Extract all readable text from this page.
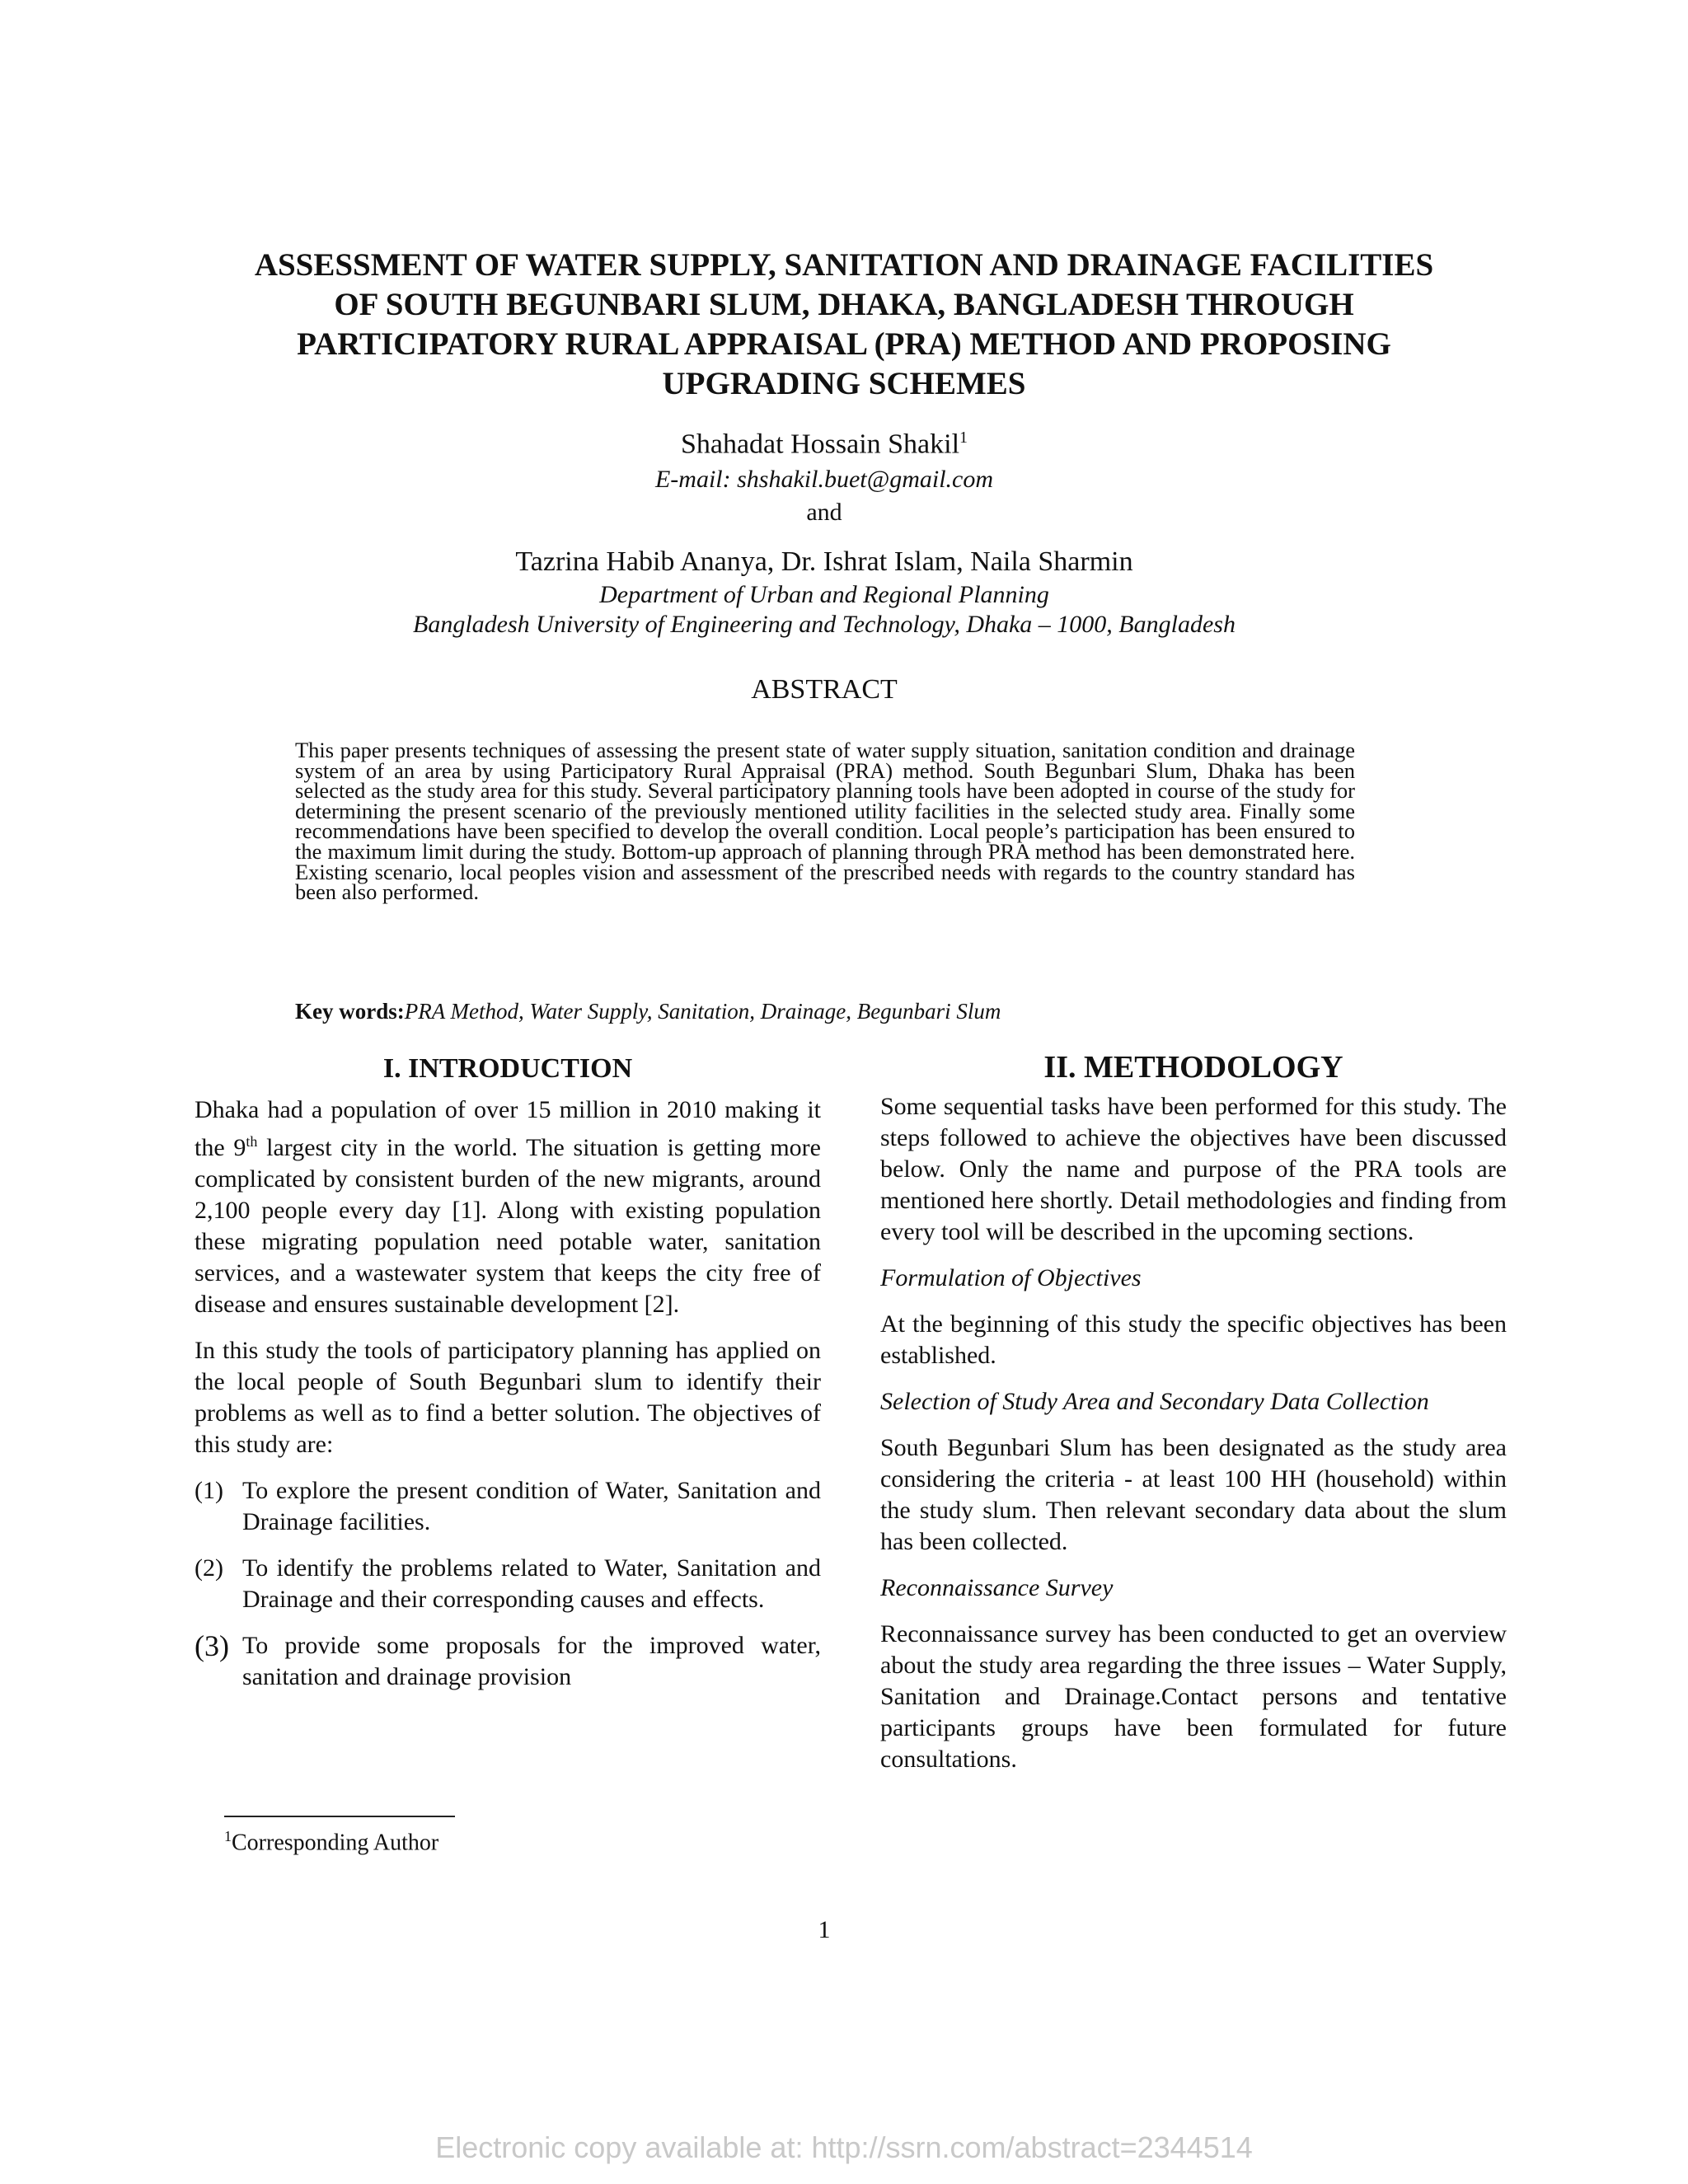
ASSESSMENT OF WATER SUPPLY, SANITATION AND DRAINAGE FACILITIES OF SOUTH BEGUNBARI SLUM, DHAKA, BANGLADESH THROUGH PARTICIPATORY RURAL APPRAISAL (PRA) METHOD AND PROPOSING UPGRADING SCHEMES
Shahadat Hossain Shakil$^1$
E-mail: shshakil.buet@gmail.com
and
Tazrina Habib Ananya, Dr. Ishrat Islam, Naila Sharmin
Department of Urban and Regional Planning
Bangladesh University of Engineering and Technology, Dhaka – 1000, Bangladesh
ABSTRACT
This paper presents techniques of assessing the present state of water supply situation, sanitation condition and drainage system of an area by using Participatory Rural Appraisal (PRA) method. South Begunbari Slum, Dhaka has been selected as the study area for this study. Several participatory planning tools have been adopted in course of the study for determining the present scenario of the previously mentioned utility facilities in the selected study area. Finally some recommendations have been specified to develop the overall condition. Local people’s participation has been ensured to the maximum limit during the study. Bottom-up approach of planning through PRA method has been demonstrated here. Existing scenario, local peoples vision and assessment of the prescribed needs with regards to the country standard has been also performed.
Key words:PRA Method, Water Supply, Sanitation, Drainage, Begunbari Slum
I. INTRODUCTION

Dhaka had a population of over 15 million in 2010 making it the 9th largest city in the world. The situation is getting more complicated by consistent burden of the new migrants, around 2,100 people every day [1]. Along with existing population these migrating population need potable water, sanitation services, and a wastewater system that keeps the city free of disease and ensures sustainable development [2].

In this study the tools of participatory planning has applied on the local people of South Begunbari slum to identify their problems as well as to find a better solution. The objectives of this study are:

(1) To explore the present condition of Water, Sanitation and Drainage facilities.
(2) To identify the problems related to Water, Sanitation and Drainage and their corresponding causes and effects.
(3) To provide some proposals for the improved water, sanitation and drainage provision
II. METHODOLOGY

Some sequential tasks have been performed for this study. The steps followed to achieve the objectives have been discussed below. Only the name and purpose of the PRA tools are mentioned here shortly. Detail methodologies and finding from every tool will be described in the upcoming sections.

Formulation of Objectives

At the beginning of this study the specific objectives has been established.

Selection of Study Area and Secondary Data Collection

South Begunbari Slum has been designated as the study area considering the criteria - at least 100 HH (household) within the study slum. Then relevant secondary data about the slum has been collected.

Reconnaissance Survey

Reconnaissance survey has been conducted to get an overview about the study area regarding the three issues – Water Supply, Sanitation and Drainage.Contact persons and tentative participants groups have been formulated for future consultations.

$^1$Corresponding Author
1
Electronic copy available at: http://ssrn.com/abstract=2344514
